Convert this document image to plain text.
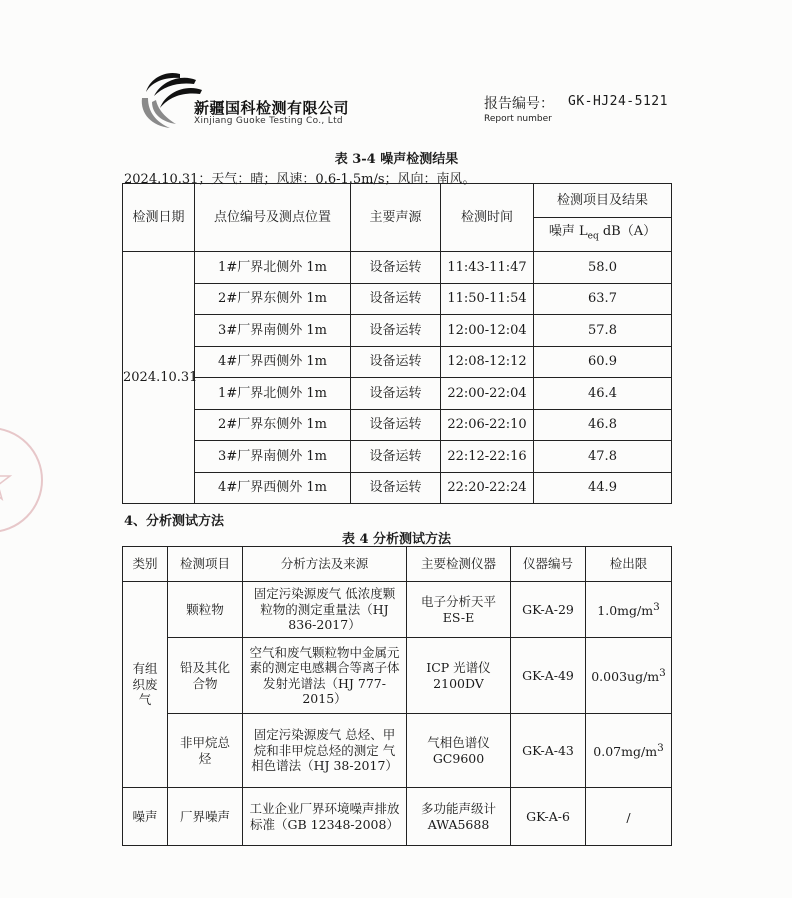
新疆国科检测有限公司
Xinjiang Guoke Testing Co., Ltd
报告编号： GK-HJ24-5121
Report number
表 3-4 噪声检测结果
2024.10.31；天气：晴；风速：0.6-1.5m/s；风向：南风。
检测日期	点位编号及测点位置	主要声源	检测时间	检测项目及结果
				噪声 $L_{eq}$ dB（A）
2024.10.31	1#厂界北侧外 1m	设备运转	11:43-11:47	58.0
	2#厂界东侧外 1m	设备运转	11:50-11:54	63.7
	3#厂界南侧外 1m	设备运转	12:00-12:04	57.8
	4#厂界西侧外 1m	设备运转	12:08-12:12	60.9
	1#厂界北侧外 1m	设备运转	22:00-22:04	46.4
	2#厂界东侧外 1m	设备运转	22:06-22:10	46.8
	3#厂界南侧外 1m	设备运转	22:12-22:16	47.8
	4#厂界西侧外 1m	设备运转	22:20-22:24	44.9
4、分析测试方法
表 4 分析测试方法
类别	检测项目	分析方法及来源	主要检测仪器	仪器编号	检出限
有组织废气	颗粒物	固定污染源废气 低浓度颗粒物的测定重量法（HJ 836-2017）	电子分析天平 ES-E	GK-A-29	$1.0mg/m^3$
	铅及其化合物	空气和废气颗粒物中金属元素的测定电感耦合等离子体发射光谱法（HJ 777-2015）	ICP 光谱仪 2100DV	GK-A-49	$0.003ug/m^3$
	非甲烷总烃	固定污染源废气 总烃、甲烷和非甲烷总烃的测定 气相色谱法（HJ 38-2017）	气相色谱仪 GC9600	GK-A-43	$0.07mg/m^3$
噪声	厂界噪声	工业企业厂界环境噪声排放标准（GB 12348-2008）	多功能声级计 AWA5688	GK-A-6	/
